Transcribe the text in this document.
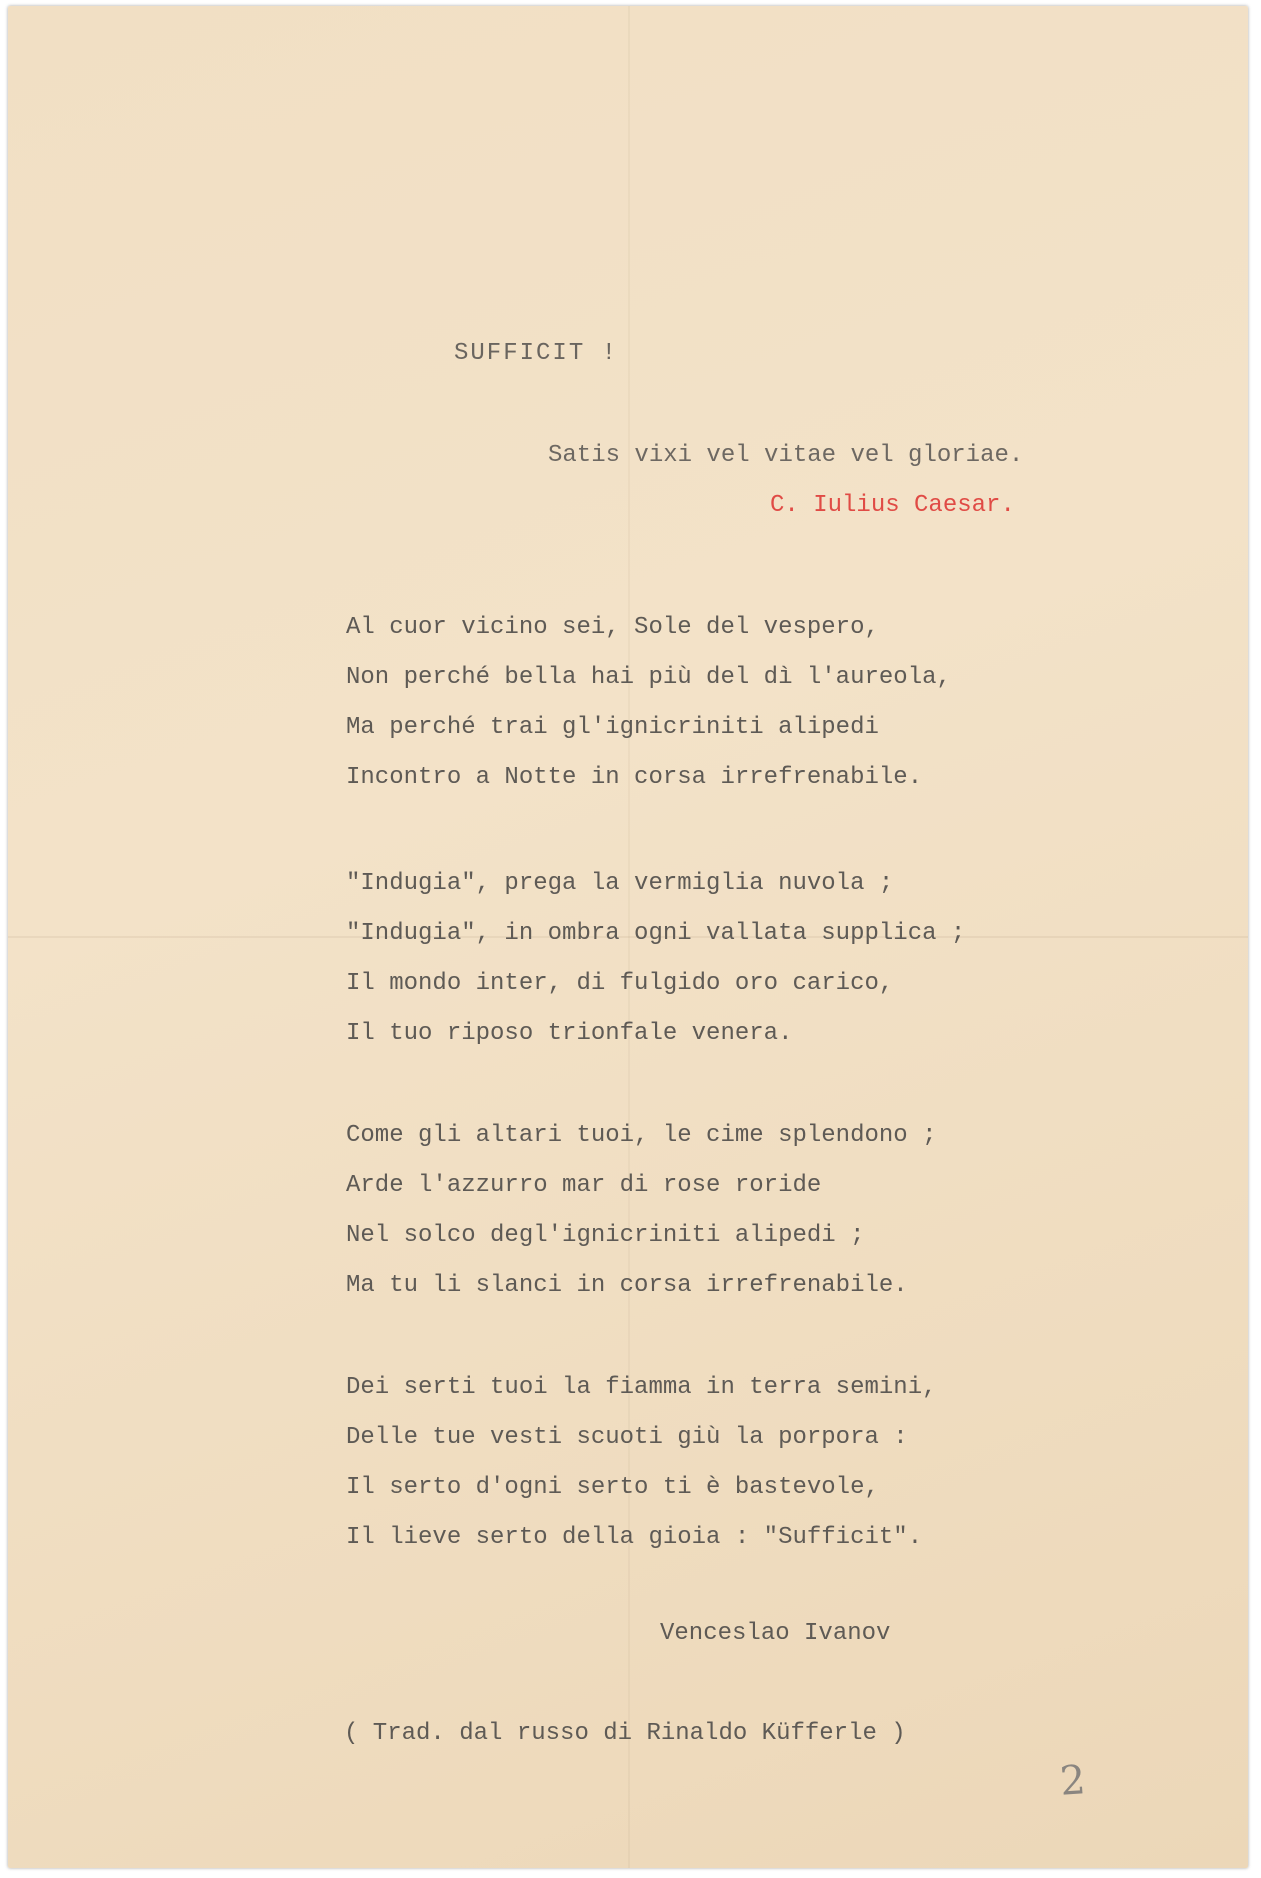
SUFFICIT !
Satis vixi vel vitae vel gloriae.
C. Iulius Caesar.
Al cuor vicino sei, Sole del vespero,
Non perché bella hai più del dì l'aureola,
Ma perché trai gl'ignicriniti alipedi
Incontro a Notte in corsa irrefrenabile.
"Indugia", prega la vermiglia nuvola ;
"Indugia", in ombra ogni vallata supplica ;
Il mondo inter, di fulgido oro carico,
Il tuo riposo trionfale venera.
Come gli altari tuoi, le cime splendono ;
Arde l'azzurro mar di rose roride
Nel solco degl'ignicriniti alipedi ;
Ma tu li slanci in corsa irrefrenabile.
Dei serti tuoi la fiamma in terra semini,
Delle tue vesti scuoti giù la porpora :
Il serto d'ogni serto ti è bastevole,
Il lieve serto della gioia : "Sufficit".
Venceslao Ivanov
( Trad. dal russo di Rinaldo Küfferle )
2
